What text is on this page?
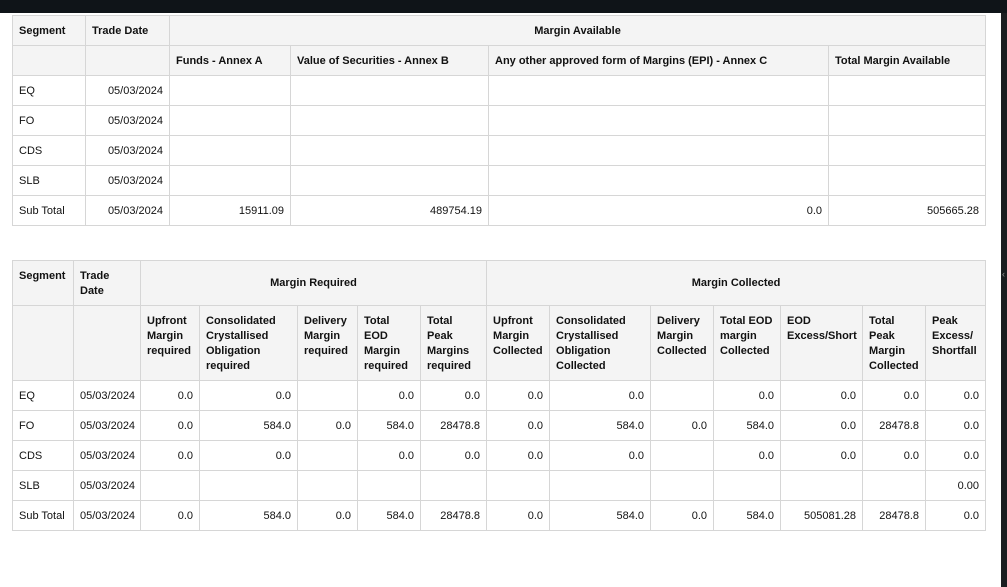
‹
Segment	Trade Date	Margin Available			
		Funds - Annex A	Value of Securities - Annex B	Any other approved form of Margins (EPI) - Annex C	Total Margin Available
EQ	05/03/2024				
FO	05/03/2024				
CDS	05/03/2024				
SLB	05/03/2024				
Sub Total	05/03/2024	15911.09	489754.19	0.0	505665.28
Segment	Trade Date	Margin Required					Margin Collected						
		Upfront Margin required	Consolidated Crystallised Obligation required	Delivery Margin required	Total EOD Margin required	Total Peak Margins required	Upfront Margin Collected	Consolidated Crystallised Obligation Collected	Delivery Margin Collected	Total EOD margin Collected	EOD Excess/Short	Total Peak Margin Collected	Peak Excess/ Shortfall
EQ	05/03/2024	0.0	0.0		0.0	0.0	0.0	0.0		0.0	0.0	0.0	0.0
FO	05/03/2024	0.0	584.0	0.0	584.0	28478.8	0.0	584.0	0.0	584.0	0.0	28478.8	0.0
CDS	05/03/2024	0.0	0.0		0.0	0.0	0.0	0.0		0.0	0.0	0.0	0.0
SLB	05/03/2024												0.00
Sub Total	05/03/2024	0.0	584.0	0.0	584.0	28478.8	0.0	584.0	0.0	584.0	505081.28	28478.8	0.0
